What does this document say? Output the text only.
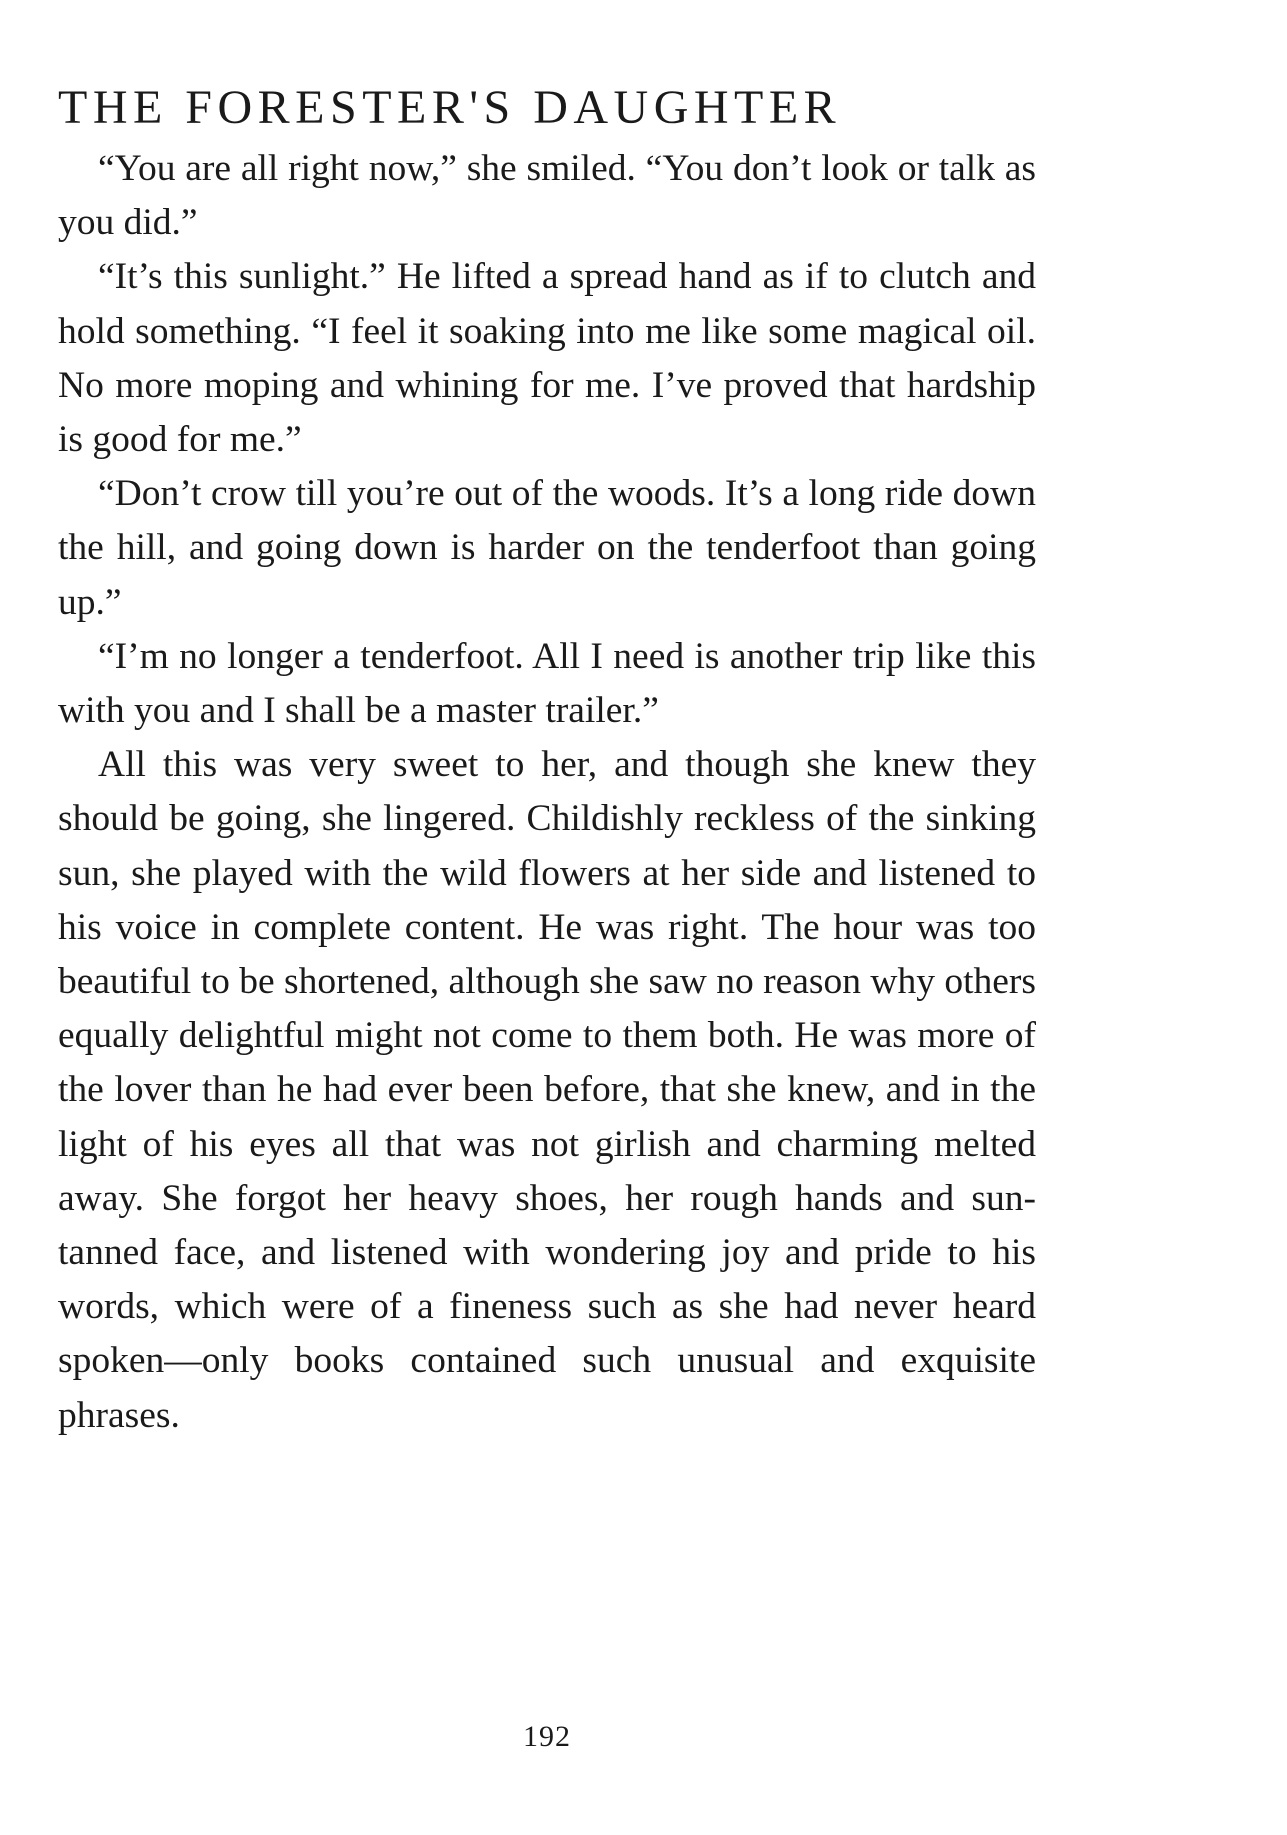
THE FORESTER'S DAUGHTER

“You are all right now,” she smiled. “You don’t look or talk as you did.”

“It’s this sunlight.” He lifted a spread hand as if to clutch and hold something. “I feel it soaking into me like some magical oil. No more moping and whining for me. I’ve proved that hardship is good for me.”

“Don’t crow till you’re out of the woods. It’s a long ride down the hill, and going down is harder on the tenderfoot than going up.”

“I’m no longer a tenderfoot. All I need is another trip like this with you and I shall be a master trailer.”

All this was very sweet to her, and though she knew they should be going, she lingered. Childishly reckless of the sinking sun, she played with the wild flowers at her side and listened to his voice in complete content. He was right. The hour was too beautiful to be shortened, although she saw no reason why others equally delightful might not come to them both. He was more of the lover than he had ever been before, that she knew, and in the light of his eyes all that was not girlish and charming melted away. She forgot her heavy shoes, her rough hands and sun-tanned face, and listened with wondering joy and pride to his words, which were of a fineness such as she had never heard spoken—only books contained such unusual and exquisite phrases.

192
